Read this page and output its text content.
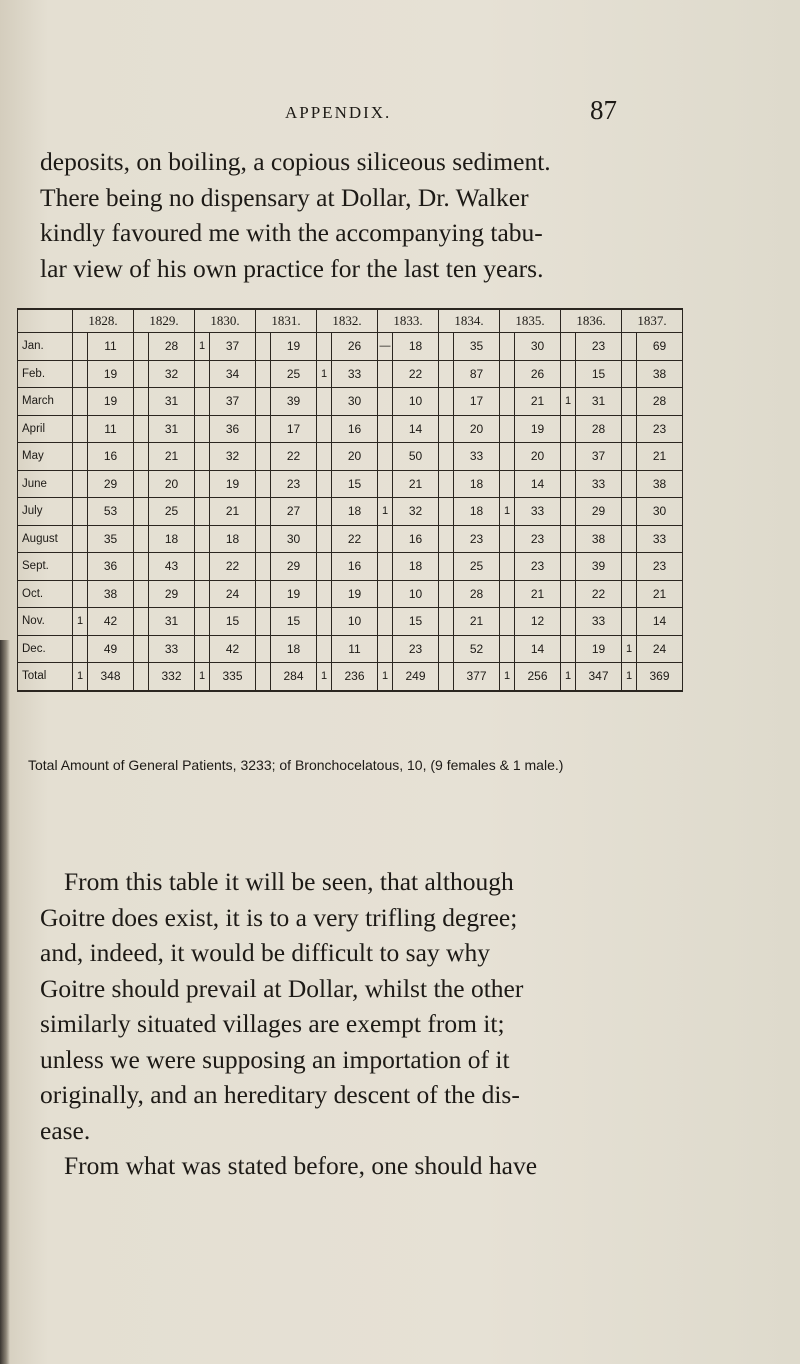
APPENDIX.	87
deposits, on boiling, a copious siliceous sediment.
There being no dispensary at Dollar, Dr. Walker
kindly favoured me with the accompanying tabu-
lar view of his own practice for the last ten years.
	1828.		1829.		1830.		1831.		1832.		1833.		1834.		1835.		1836.		1837.	
Jan.		11		28	1	37		19		26	—	18		35		30		23		69
Feb.		19		32		34		25	1	33		22		87		26		15		38
March		19		31		37		39		30		10		17		21	1	31		28
April		11		31		36		17		16		14		20		19		28		23
May		16		21		32		22		20		50		33		20		37		21
June		29		20		19		23		15		21		18		14		33		38
July		53		25		21		27		18	1	32		18	1	33		29		30
August		35		18		18		30		22		16		23		23		38		33
Sept.		36		43		22		29		16		18		25		23		39		23
Oct.		38		29		24		19		19		10		28		21		22		21
Nov.	1	42		31		15		15		10		15		21		12		33		14
Dec.		49		33		42		18		11		23		52		14		19	1	24
Total	1	348		332	1	335		284	1	236	1	249		377	1	256	1	347	1	369
Total Amount of General Patients, 3233; of Bronchocelatous, 10, (9 females & 1 male.)
From this table it will be seen, that although
Goitre does exist, it is to a very trifling degree;
and, indeed, it would be difficult to say why
Goitre should prevail at Dollar, whilst the other
similarly situated villages are exempt from it;
unless we were supposing an importation of it
originally, and an hereditary descent of the dis-
ease.
From what was stated before, one should have
